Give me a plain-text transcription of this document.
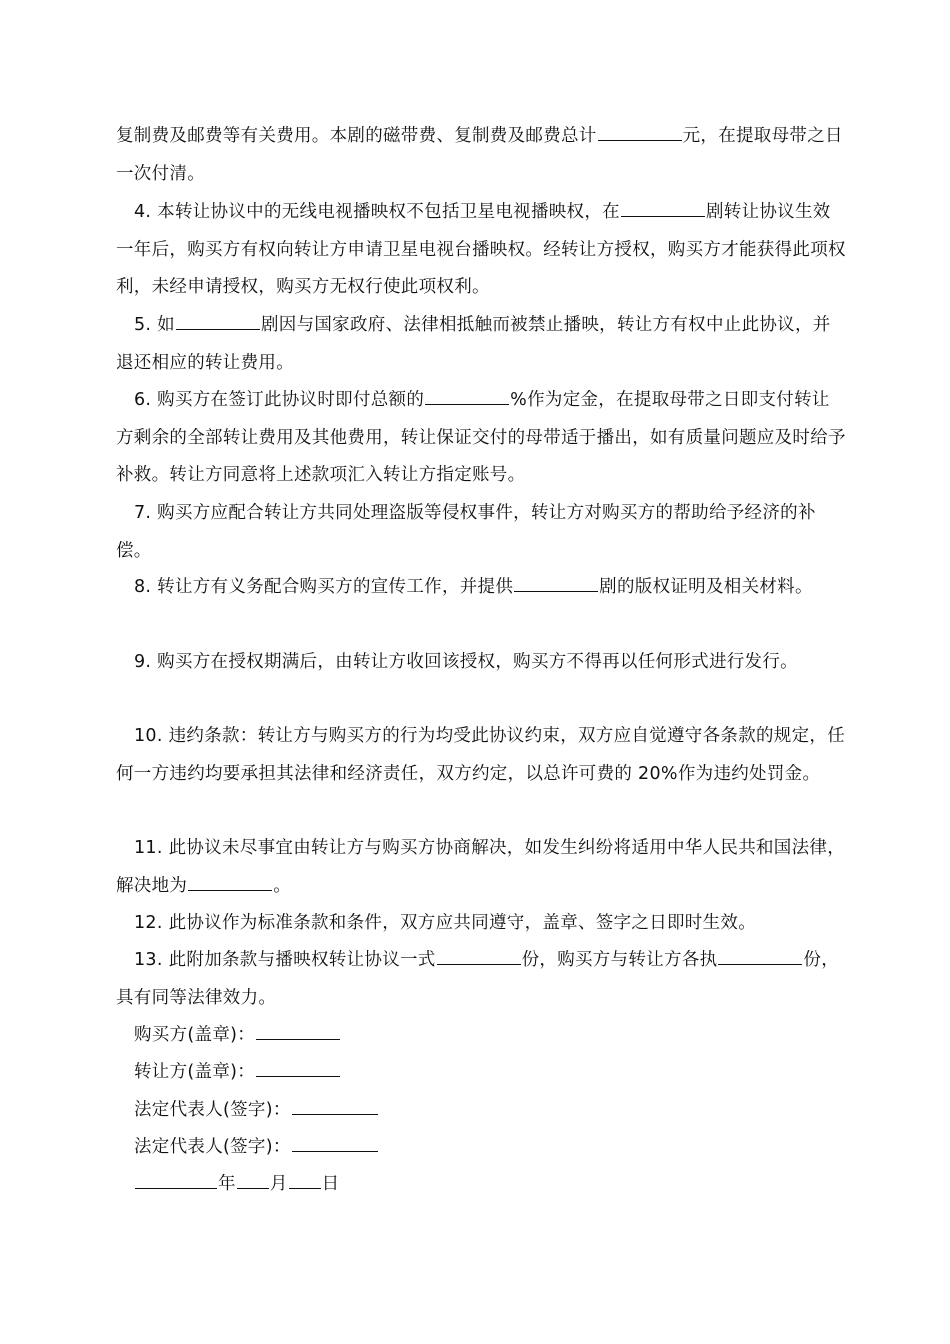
复制费及邮费等有关费用。本剧的磁带费、复制费及邮费总计	元，在提取母带之日一次付清。
4. 本转让协议中的无线电视播映权不包括卫星电视播映权，在	剧转让协议生效一年后，购买方有权向转让方申请卫星电视台播映权。经转让方授权，购买方才能获得此项权利，未经申请授权，购买方无权行使此项权利。
5. 如	剧因与国家政府、法律相抵触而被禁止播映，转让方有权中止此协议，并退还相应的转让费用。
6. 购买方在签订此协议时即付总额的	%作为定金，在提取母带之日即支付转让方剩余的全部转让费用及其他费用，转让保证交付的母带适于播出，如有质量问题应及时给予补救。转让方同意将上述款项汇入转让方指定账号。
7. 购买方应配合转让方共同处理盗版等侵权事件，转让方对购买方的帮助给予经济的补偿。
8. 转让方有义务配合购买方的宣传工作，并提供	剧的版权证明及相关材料。
9. 购买方在授权期满后，由转让方收回该授权，购买方不得再以任何形式进行发行。
10. 违约条款：转让方与购买方的行为均受此协议约束，双方应自觉遵守各条款的规定，任何一方违约均要承担其法律和经济责任，双方约定，以总许可费的 20%作为违约处罚金。
11. 此协议未尽事宜由转让方与购买方协商解决，如发生纠纷将适用中华人民共和国法律，解决地为	。
12. 此协议作为标准条款和条件，双方应共同遵守，盖章、签字之日即时生效。
13. 此附加条款与播映权转让协议一式	份，购买方与转让方各执	份，具有同等法律效力。
购买方(盖章)：
转让方(盖章)：
法定代表人(签字)：
法定代表人(签字)：
年 月 日
